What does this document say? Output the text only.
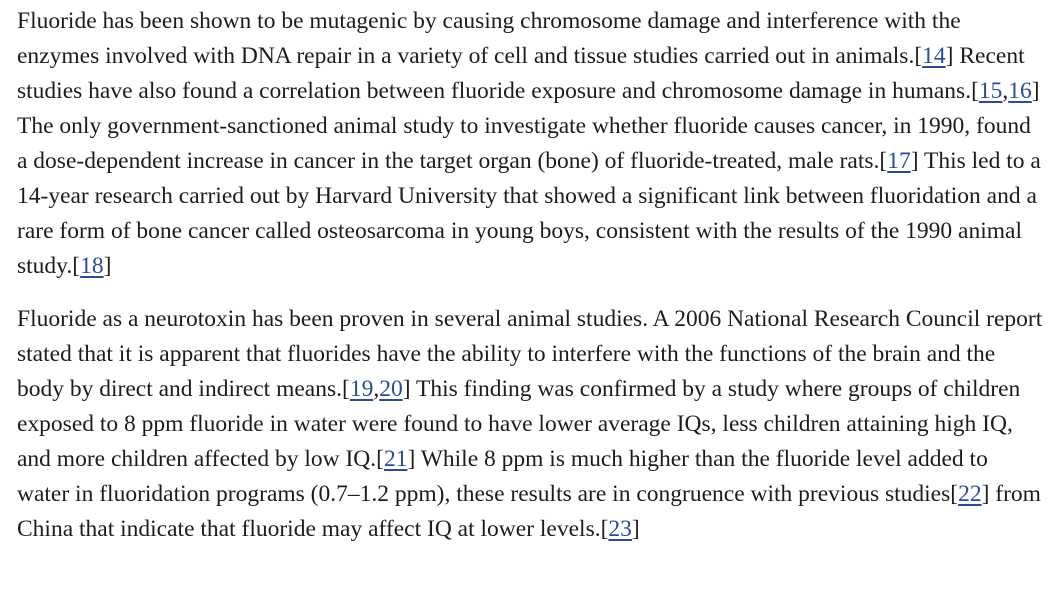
Fluoride has been shown to be mutagenic by causing chromosome damage and interference with the enzymes involved with DNA repair in a variety of cell and tissue studies carried out in animals.[14] Recent studies have also found a correlation between fluoride exposure and chromosome damage in humans.[15,16] The only government-sanctioned animal study to investigate whether fluoride causes cancer, in 1990, found a dose-dependent increase in cancer in the target organ (bone) of fluoride-treated, male rats.[17] This led to a 14-year research carried out by Harvard University that showed a significant link between fluoridation and a rare form of bone cancer called osteosarcoma in young boys, consistent with the results of the 1990 animal study.[18]

Fluoride as a neurotoxin has been proven in several animal studies. A 2006 National Research Council report stated that it is apparent that fluorides have the ability to interfere with the functions of the brain and the body by direct and indirect means.[19,20] This finding was confirmed by a study where groups of children exposed to 8 ppm fluoride in water were found to have lower average IQs, less children attaining high IQ, and more children affected by low IQ.[21] While 8 ppm is much higher than the fluoride level added to water in fluoridation programs (0.7–1.2 ppm), these results are in congruence with previous studies[22] from China that indicate that fluoride may affect IQ at lower levels.[23]
